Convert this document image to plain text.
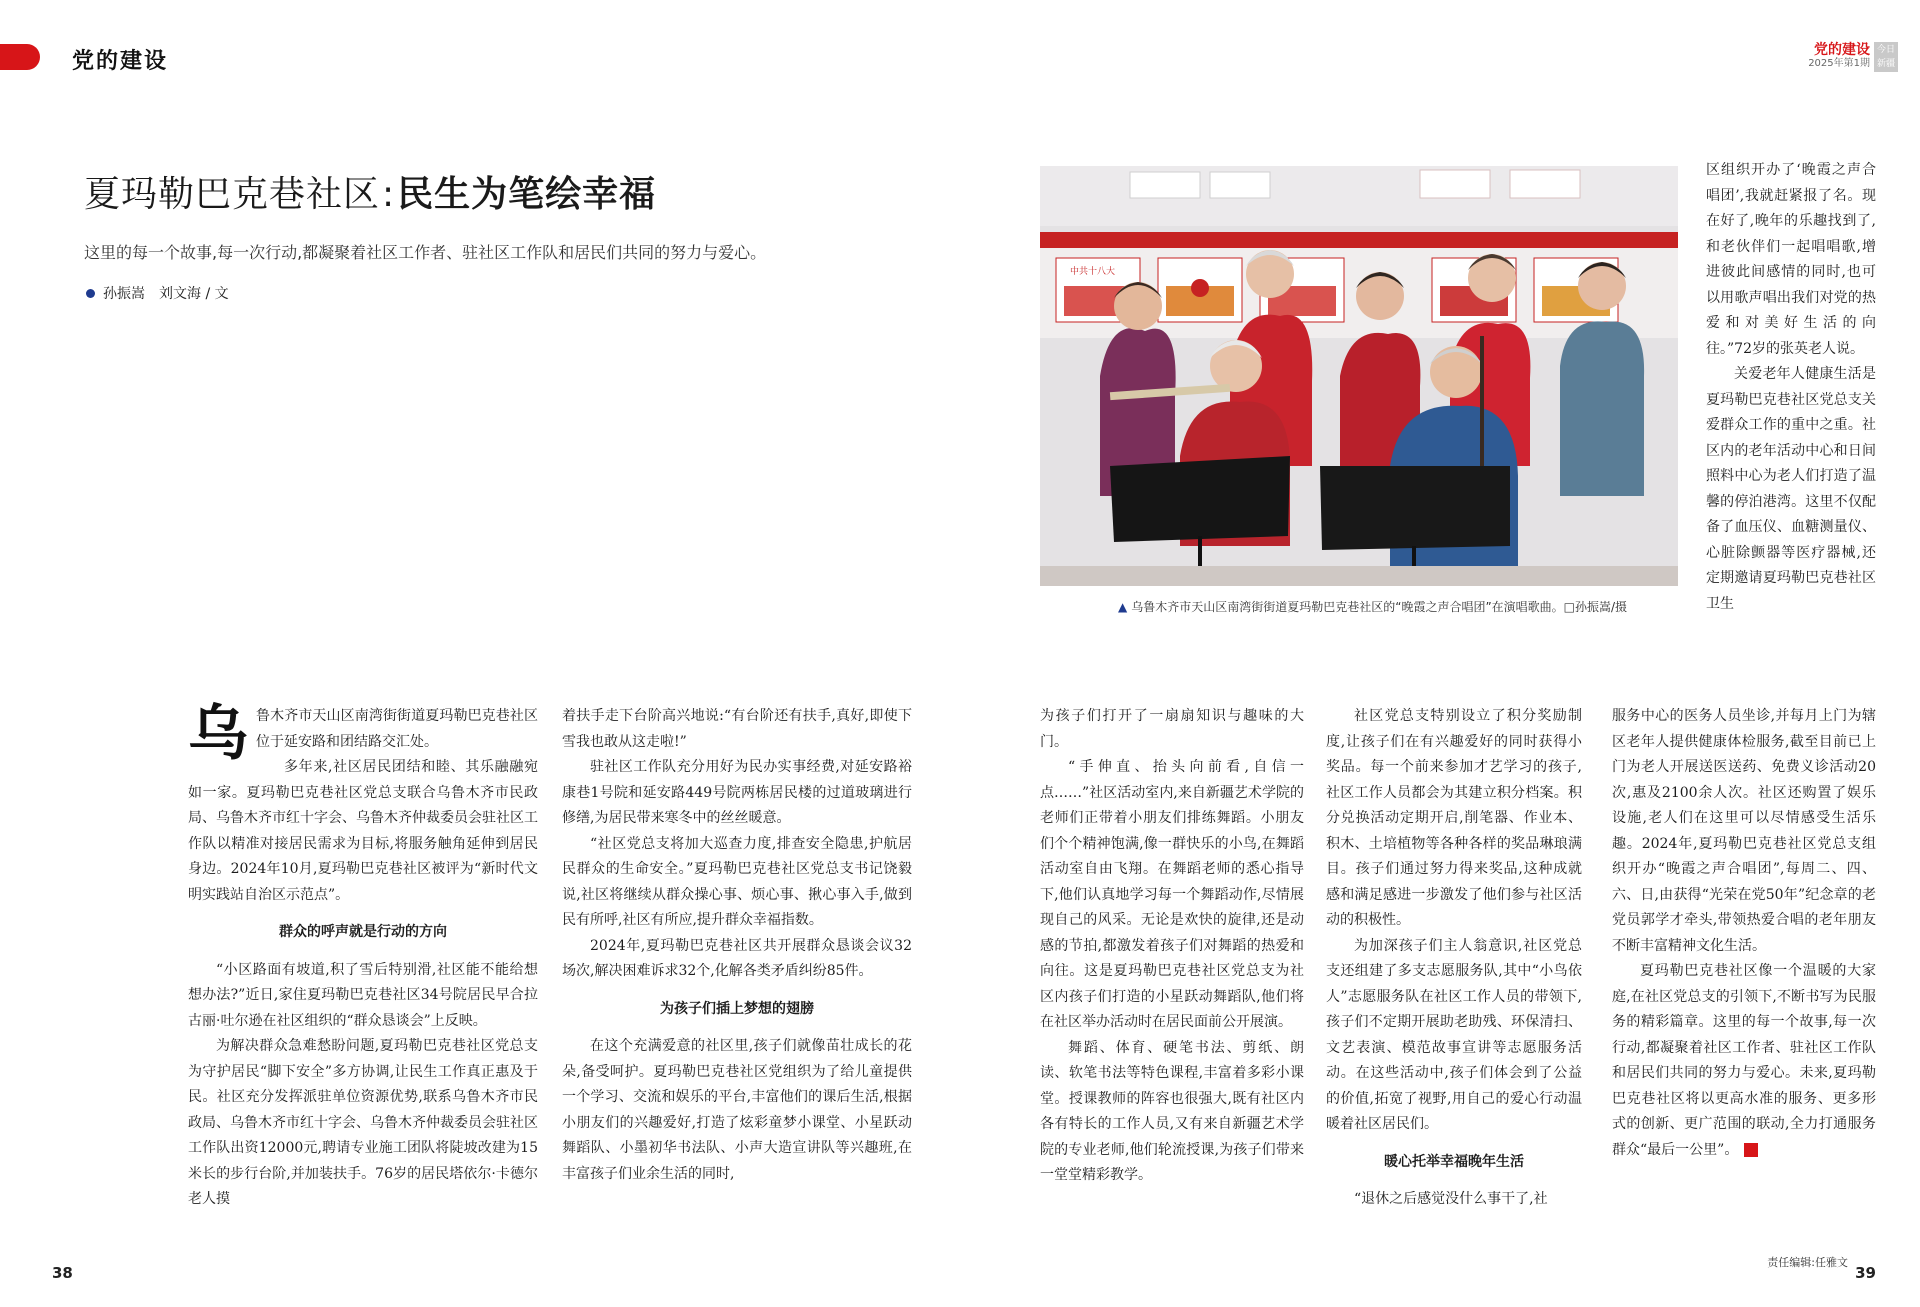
党的建设	党的建设
2025年第1期
今日新疆
夏玛勒巴克巷社区:民生为笔绘幸福
这里的每一个故事,每一次行动,都凝聚着社区工作者、驻社区工作队和居民们共同的努力与爱心。
孙振嵩　刘文海 / 文
中共十八大
▲ 乌鲁木齐市天山区南湾街街道夏玛勒巴克巷社区的“晚霞之声合唱团”在演唱歌曲。□孙振嵩/摄

乌鲁木齐市天山区南湾街街道夏玛勒巴克巷社区位于延安路和团结路交汇处。

多年来,社区居民团结和睦、其乐融融宛如一家。夏玛勒巴克巷社区党总支联合乌鲁木齐市民政局、乌鲁木齐市红十字会、乌鲁木齐仲裁委员会驻社区工作队以精准对接居民需求为目标,将服务触角延伸到居民身边。2024年10月,夏玛勒巴克巷社区被评为“新时代文明实践站自治区示范点”。

群众的呼声就是行动的方向

“小区路面有坡道,积了雪后特别滑,社区能不能给想想办法?”近日,家住夏玛勒巴克巷社区34号院居民早合拉古丽·吐尔逊在社区组织的“群众恳谈会”上反映。

为解决群众急难愁盼问题,夏玛勒巴克巷社区党总支为守护居民“脚下安全”多方协调,让民生工作真正惠及于民。社区充分发挥派驻单位资源优势,联系乌鲁木齐市民政局、乌鲁木齐市红十字会、乌鲁木齐仲裁委员会驻社区工作队出资12000元,聘请专业施工团队将陡坡改建为15米长的步行台阶,并加装扶手。76岁的居民塔依尔·卡德尔老人摸

着扶手走下台阶高兴地说:“有台阶还有扶手,真好,即使下雪我也敢从这走啦!”

驻社区工作队充分用好为民办实事经费,对延安路裕康巷1号院和延安路449号院两栋居民楼的过道玻璃进行修缮,为居民带来寒冬中的丝丝暖意。

“社区党总支将加大巡查力度,排查安全隐患,护航居民群众的生命安全。”夏玛勒巴克巷社区党总支书记饶毅说,社区将继续从群众操心事、烦心事、揪心事入手,做到民有所呼,社区有所应,提升群众幸福指数。

2024年,夏玛勒巴克巷社区共开展群众恳谈会议32场次,解决困难诉求32个,化解各类矛盾纠纷85件。

为孩子们插上梦想的翅膀

在这个充满爱意的社区里,孩子们就像苗壮成长的花朵,备受呵护。夏玛勒巴克巷社区党组织为了给儿童提供一个学习、交流和娱乐的平台,丰富他们的课后生活,根据小朋友们的兴趣爱好,打造了炫彩童梦小课堂、小星跃动舞蹈队、小墨初华书法队、小声大造宣讲队等兴趣班,在丰富孩子们业余生活的同时,

为孩子们打开了一扇扇知识与趣味的大门。

“手伸直、抬头向前看,自信一点……”社区活动室内,来自新疆艺术学院的老师们正带着小朋友们排练舞蹈。小朋友们个个精神饱满,像一群快乐的小鸟,在舞蹈活动室自由飞翔。在舞蹈老师的悉心指导下,他们认真地学习每一个舞蹈动作,尽情展现自己的风采。无论是欢快的旋律,还是动感的节拍,都激发着孩子们对舞蹈的热爱和向往。这是夏玛勒巴克巷社区党总支为社区内孩子们打造的小星跃动舞蹈队,他们将在社区举办活动时在居民面前公开展演。

舞蹈、体育、硬笔书法、剪纸、朗读、软笔书法等特色课程,丰富着多彩小课堂。授课教师的阵容也很强大,既有社区内各有特长的工作人员,又有来自新疆艺术学院的专业老师,他们轮流授课,为孩子们带来一堂堂精彩教学。

社区党总支特别设立了积分奖励制度,让孩子们在有兴趣爱好的同时获得小奖品。每一个前来参加才艺学习的孩子,社区工作人员都会为其建立积分档案。积分兑换活动定期开启,削笔器、作业本、积木、土培植物等各种各样的奖品琳琅满目。孩子们通过努力得来奖品,这种成就感和满足感进一步激发了他们参与社区活动的积极性。

为加深孩子们主人翁意识,社区党总支还组建了多支志愿服务队,其中“小鸟依人”志愿服务队在社区工作人员的带领下,孩子们不定期开展助老助残、环保清扫、文艺表演、模范故事宣讲等志愿服务活动。在这些活动中,孩子们体会到了公益的价值,拓宽了视野,用自己的爱心行动温暖着社区居民们。

暖心托举幸福晚年生活

“退休之后感觉没什么事干了,社

区组织开办了‘晚霞之声合唱团’,我就赶紧报了名。现在好了,晚年的乐趣找到了,和老伙伴们一起唱唱歌,增进彼此间感情的同时,也可以用歌声唱出我们对党的热爱和对美好生活的向往。”72岁的张英老人说。

关爱老年人健康生活是夏玛勒巴克巷社区党总支关爱群众工作的重中之重。社区内的老年活动中心和日间照料中心为老人们打造了温馨的停泊港湾。这里不仅配备了血压仪、血糖测量仪、心脏除颤器等医疗器械,还定期邀请夏玛勒巴克巷社区卫生

服务中心的医务人员坐诊,并每月上门为辖区老年人提供健康体检服务,截至目前已上门为老人开展送医送药、免费义诊活动20次,惠及2100余人次。社区还购置了娱乐设施,老人们在这里可以尽情感受生活乐趣。2024年,夏玛勒巴克巷社区党总支组织开办“晚霞之声合唱团”,每周二、四、六、日,由获得“光荣在党50年”纪念章的老党员郭学才牵头,带领热爱合唱的老年朋友不断丰富精神文化生活。

夏玛勒巴克巷社区像一个温暖的大家庭,在社区党总支的引领下,不断书写为民服务的精彩篇章。这里的每一个故事,每一次行动,都凝聚着社区工作者、驻社区工作队和居民们共同的努力与爱心。未来,夏玛勒巴克巷社区将以更高水准的服务、更多形式的创新、更广范围的联动,全力打通服务群众“最后一公里”。

38
责任编辑:任雅文
39
